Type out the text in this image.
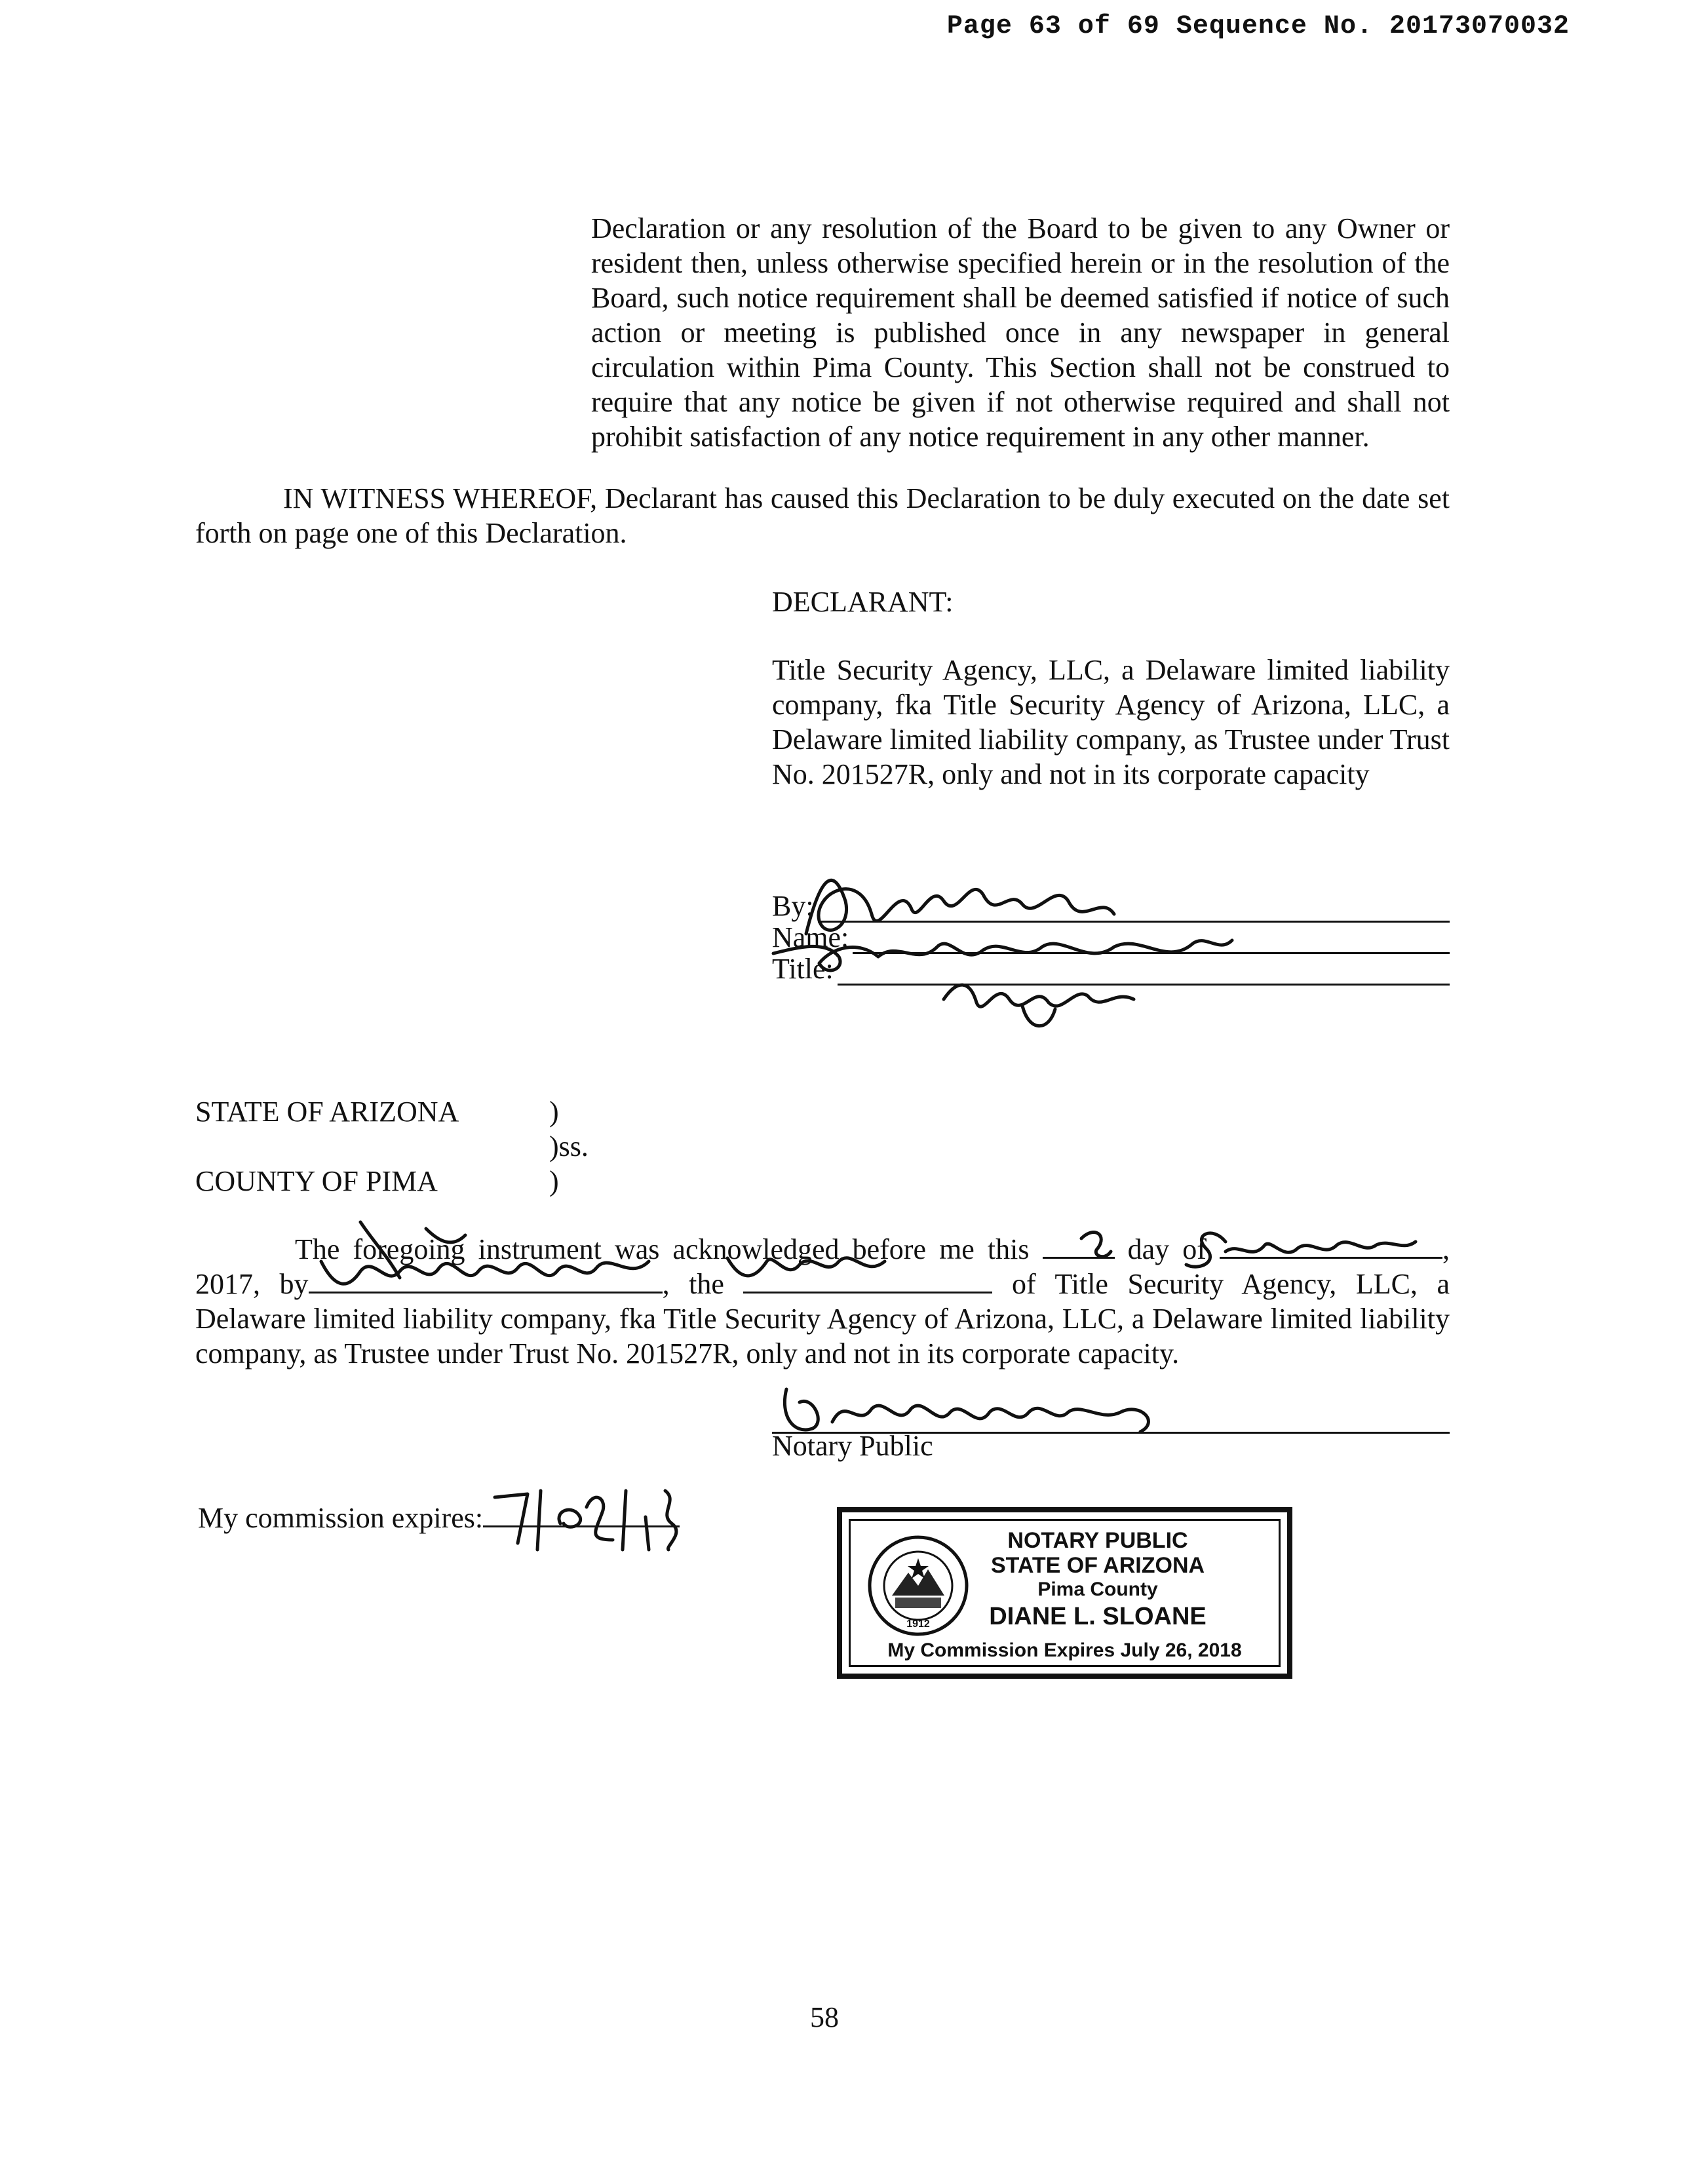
Page 63 of 69 Sequence No. 20173070032
Declaration or any resolution of the Board to be given to any Owner or resident then, unless otherwise specified herein or in the resolution of the Board, such notice requirement shall be deemed satisfied if notice of such action or meeting is published once in any newspaper in general circulation within Pima County. This Section shall not be construed to require that any notice be given if not otherwise required and shall not prohibit satisfaction of any notice requirement in any other manner.
IN WITNESS WHEREOF, Declarant has caused this Declaration to be duly executed on the date set forth on page one of this Declaration.
DECLARANT:
Title Security Agency, LLC, a Delaware limited liability company, fka Title Security Agency of Arizona, LLC, a Delaware limited liability company, as Trustee under Trust No. 201527R, only and not in its corporate capacity
By:
Name:
Title:
STATE OF ARIZONA	)
)ss.
COUNTY OF PIMA	)
The foregoing instrument was acknowledged before me this	day of	, 2017, by	, the	of Title Security Agency, LLC, a Delaware limited liability company, fka Title Security Agency of Arizona, LLC, a Delaware limited liability company, as Trustee under Trust No. 201527R, only and not in its corporate capacity.
Notary Public
My commission expires:
1912
NOTARY PUBLIC
STATE OF ARIZONA
Pima County
DIANE L. SLOANE
My Commission Expires July 26, 2018
58
